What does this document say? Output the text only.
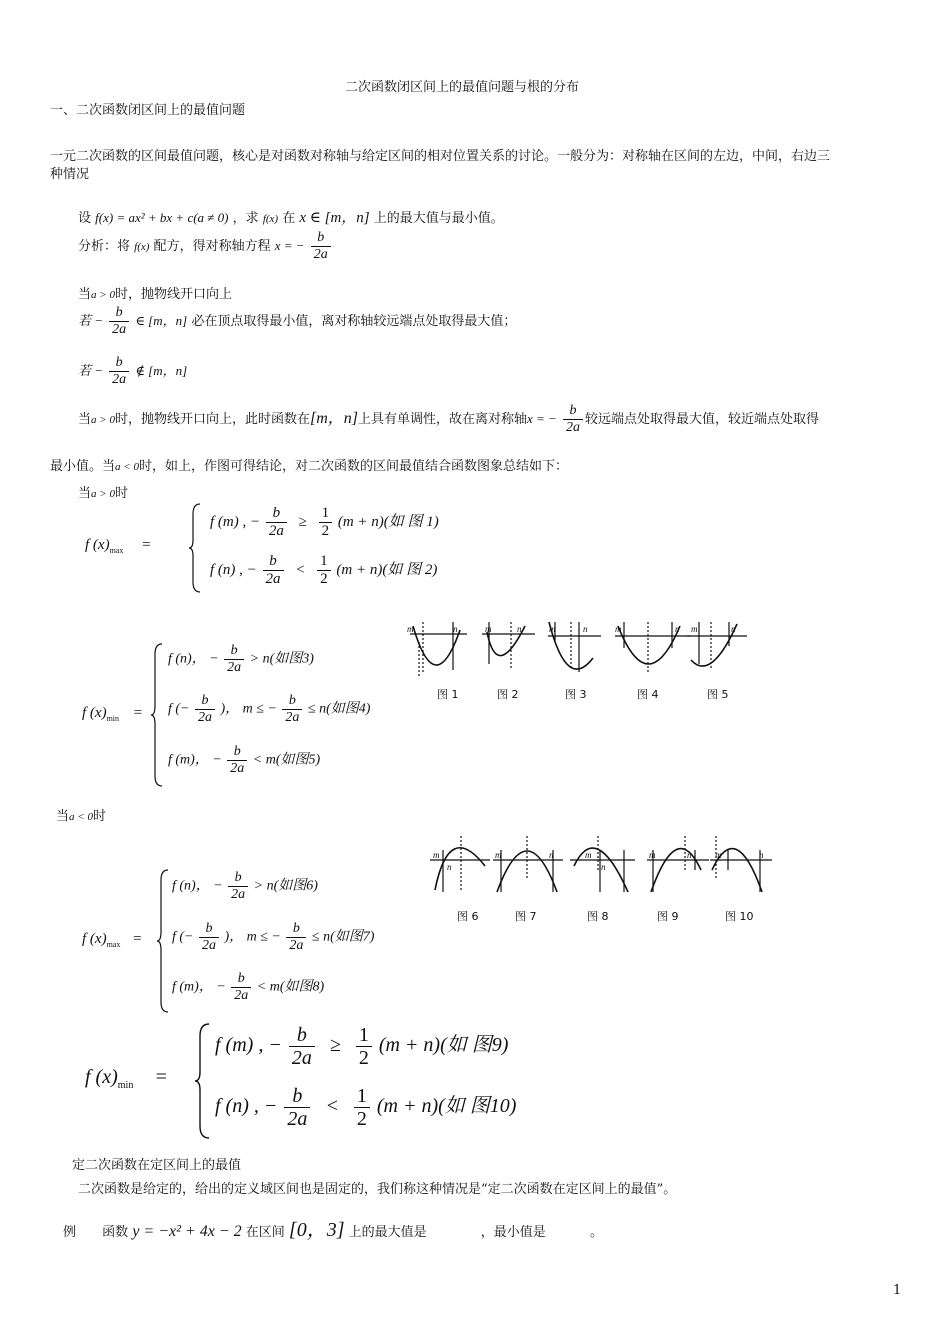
二次函数闭区间上的最值问题与根的分布
一、二次函数闭区间上的最值问题
一元二次函数的区间最值问题，核心是对函数对称轴与给定区间的相对位置关系的讨论。一般分为：对称轴在区间的左边，中间，右边三
种情况
设 f(x) = ax² + bx + c(a ≠ 0) ，求 f(x) 在 x ∈ [m，n] 上的最大值与最小值。
分析：将 f(x) 配方，得对称轴方程 x = − $\frac{b}{2a}$
当a > 0时，抛物线开口向上
若 − $\frac{b}{2a}$ ∈ [m，n] 必在顶点取得最小值，离对称轴较远端点处取得最大值；
若 − $\frac{b}{2a}$ ∉ [m，n]
当a > 0时，抛物线开口向上，此时函数在[m，n]上具有单调性，故在离对称轴x = − $\frac{b}{2a}$ 较远端点处取得最大值，较近端点处取得
最小值。当a < 0时，如上，作图可得结论，对二次函数的区间最值结合函数图象总结如下：
当a > 0时
f $(x)_{max}$ =
f (m) , − $\frac{b}{2a} \ge \frac{1}{2} (m + n)$(如 图 1)
f (n) , − $\frac{b}{2a} < \frac{1}{2} (m + n)$(如 图 2)
f $(x)_{min}$ =
f (n)， − $\frac{b}{2a} > n$(如图3)
f (− $\frac{b}{2a}$ )， m ≤ − $\frac{b}{2a} \le n$(如图4)
f (m)， − $\frac{b}{2a} < m$(如图5)
m	n	m	n	m	n	m	n m	n
图 1	图 2	图 3	图 4	图 5
当a < 0时
f $(x)_{max}$ =
f (n)， − $\frac{b}{2a} > n$(如图6)
f (− $\frac{b}{2a}$ )， m ≤ − $\frac{b}{2a} \le n$(如图7)
f (m)， − $\frac{b}{2a} < m$(如图8)
m
n
m	n	m
n
m	n	m	n
图 6	图 7	图 8	图 9	图 10
f $(x)_{min}$ =
f (m) , − $\frac{b}{2a} \ge \frac{1}{2} (m + n)$(如 图9)
f (n) , − $\frac{b}{2a} < \frac{1}{2} (m + n)$(如 图10)
定二次函数在定区间上的最值
二次函数是给定的，给出的定义域区间也是固定的，我们称这种情况是“定二次函数在定区间上的最值”。
例 函数 y = −x² + 4x − 2 在区间 [0，3] 上的最大值是	，最小值是	。
1
